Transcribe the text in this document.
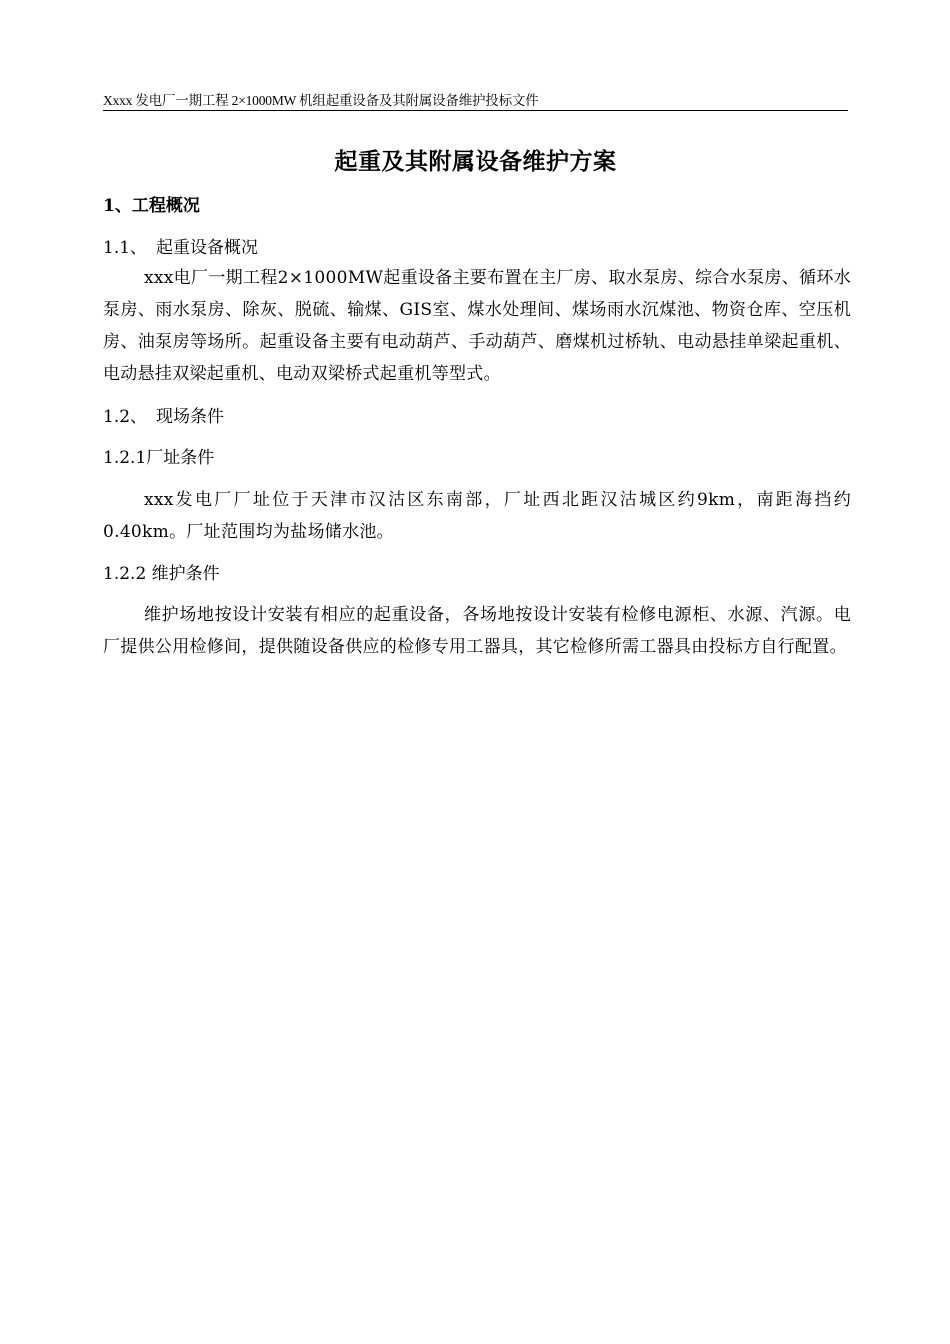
Xxxx 发电厂一期工程 2×1000MW 机组起重设备及其附属设备维护投标文件
起重及其附属设备维护方案
1、工程概况
1.1、 起重设备概况
xxx电厂一期工程2×1000MW起重设备主要布置在主厂房、取水泵房、综合水泵房、循环水泵房、雨水泵房、除灰、脱硫、输煤、GIS室、煤水处理间、煤场雨水沉煤池、物资仓库、空压机房、油泵房等场所。起重设备主要有电动葫芦、手动葫芦、磨煤机过桥轨、电动悬挂单梁起重机、电动悬挂双梁起重机、电动双梁桥式起重机等型式。
1.2、 现场条件
1.2.1厂址条件
xxx发电厂厂址位于天津市汉沽区东南部，厂址西北距汉沽城区约9km，南距海挡约0.40km。厂址范围均为盐场储水池。
1.2.2 维护条件
维护场地按设计安装有相应的起重设备，各场地按设计安装有检修电源柜、水源、汽源。电厂提供公用检修间，提供随设备供应的检修专用工器具，其它检修所需工器具由投标方自行配置。
